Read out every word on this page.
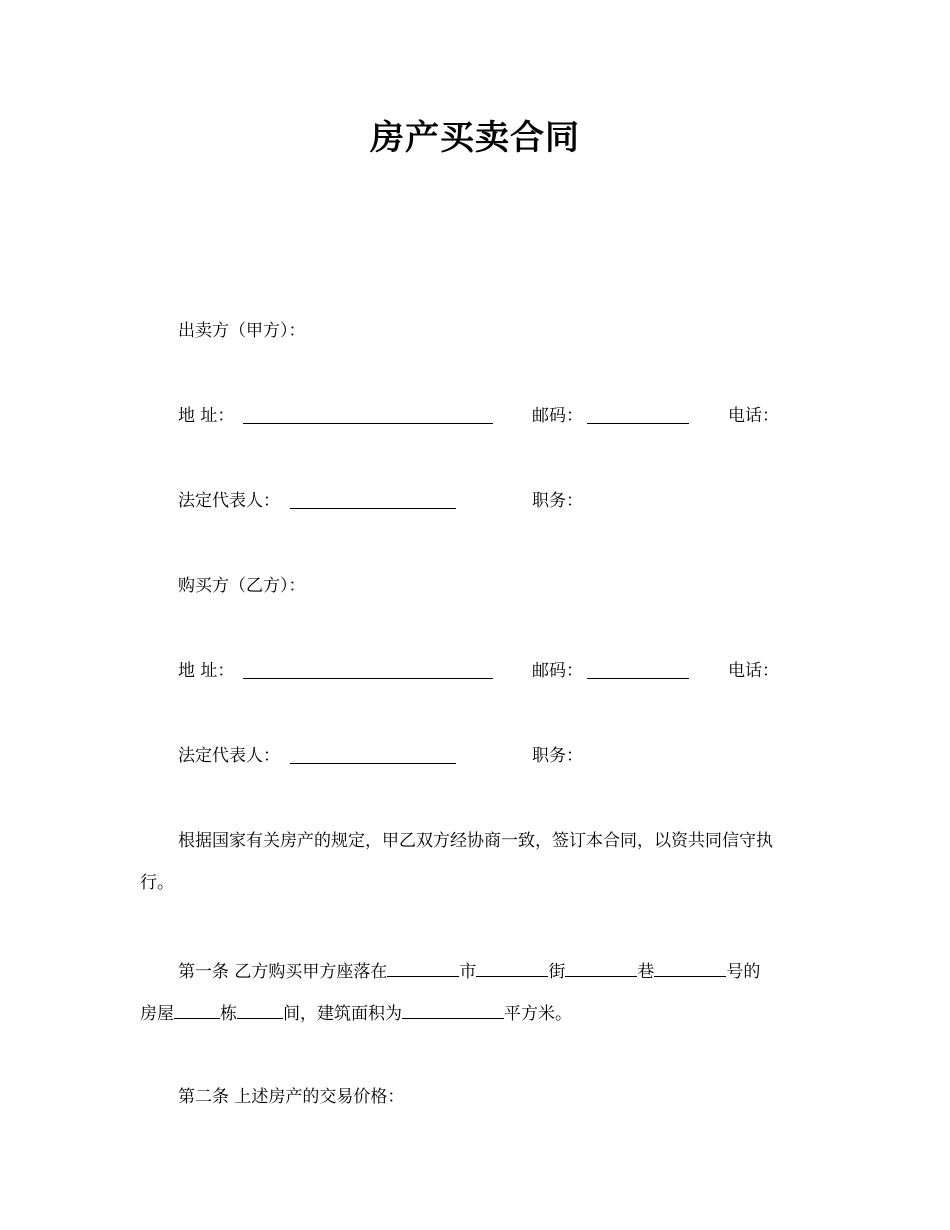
房产买卖合同
出卖方（甲方）：
地 址：	邮码：	电话：
法定代表人：	职务：
购买方（乙方）：
地 址：	邮码：	电话：
法定代表人：	职务：
根据国家有关房产的规定，甲乙双方经协商一致，签订本合同，以资共同信守执
行。
第一条 乙方购买甲方座落在	市	街	巷	号的
房屋	栋	间，建筑面积为	平方米。
第二条 上述房产的交易价格：
